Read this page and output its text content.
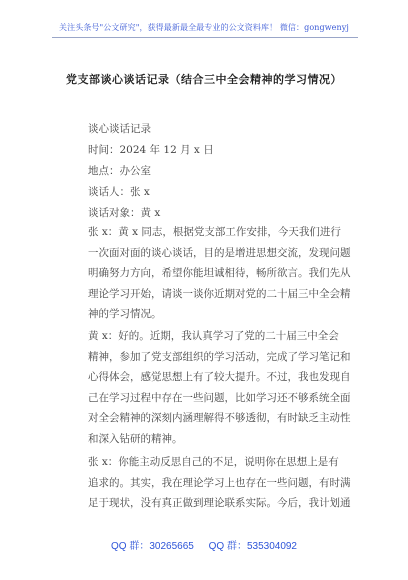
关注头条号"公文研究"，获得最新最全最专业的公文资料库！ 微信：gongwenyj
党支部谈心谈话记录（结合三中全会精神的学习情况）
谈心谈话记录
时间：2024 年 12 月 x 日
地点：办公室
谈话人：张 x
谈话对象：黄 x
张 x：黄 x 同志，根据党支部工作安排，今天我们进行
一次面对面的谈心谈话，目的是增进思想交流，发现问题
明确努力方向，希望你能坦诚相待，畅所欲言。我们先从
理论学习开始，请谈一谈你近期对党的二十届三中全会精
神的学习情况。
黄 x：好的。近期，我认真学习了党的二十届三中全会
精神，参加了党支部组织的学习活动，完成了学习笔记和
心得体会，感觉思想上有了较大提升。不过，我也发现自
己在学习过程中存在一些问题，比如学习还不够系统全面
对全会精神的深刻内涵理解得不够透彻，有时缺乏主动性
和深入钻研的精神。
张 x：你能主动反思自己的不足，说明你在思想上是有
追求的。其实，我在理论学习上也存在一些问题，有时满
足于现状，没有真正做到理论联系实际。今后，我计划通
QQ 群：30265665 QQ 群：535304092
